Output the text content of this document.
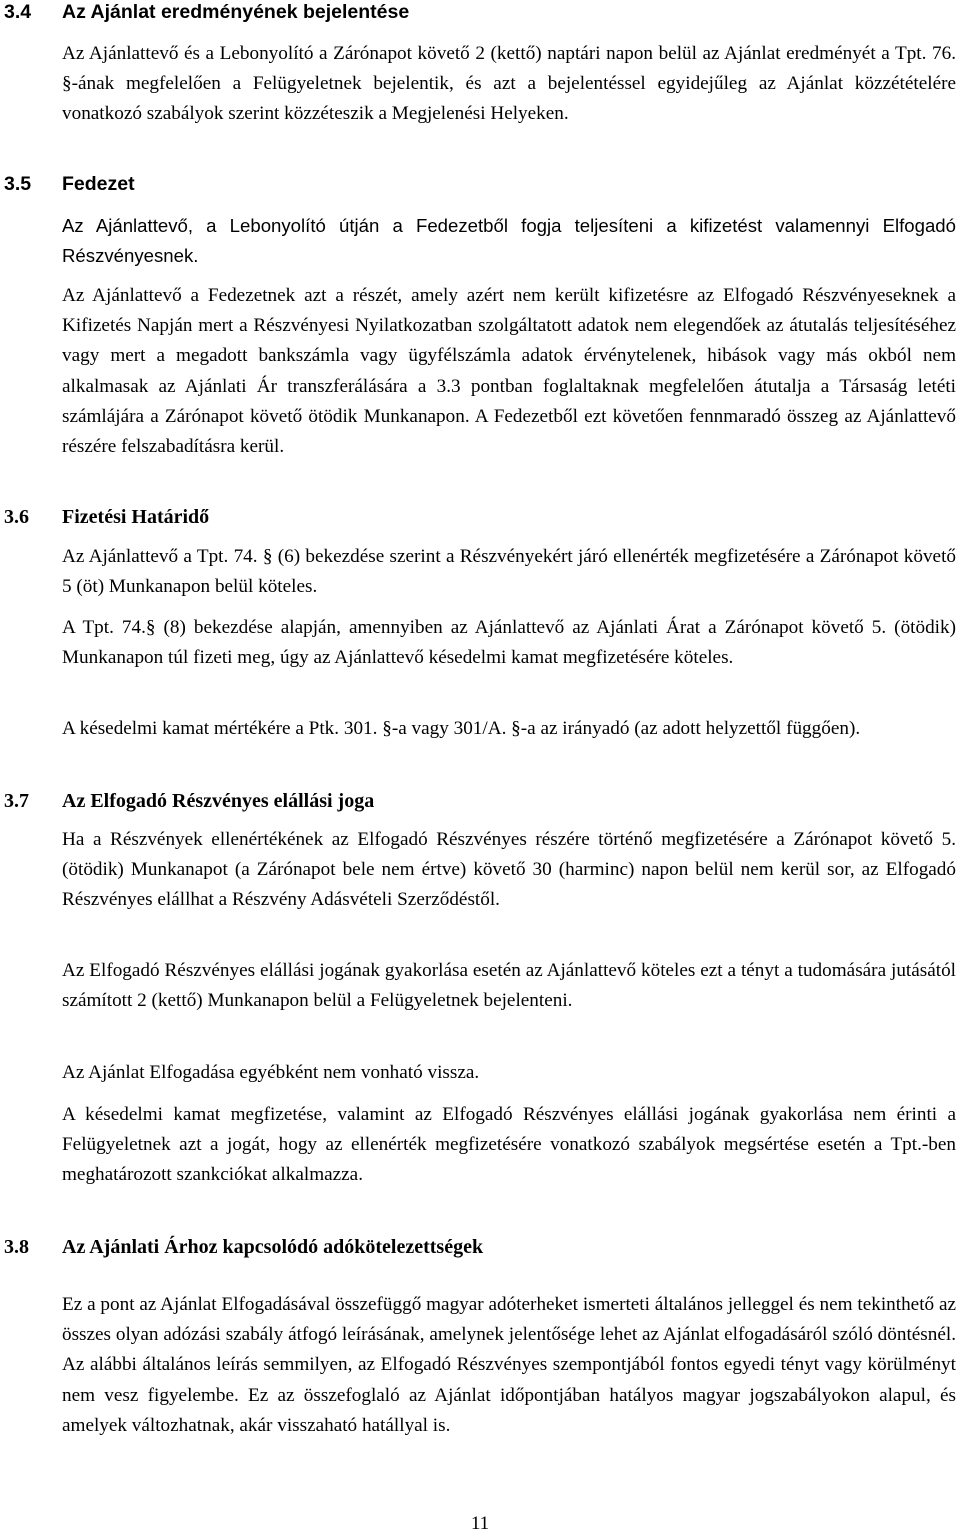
3.4 Az Ajánlat eredményének bejelentése

Az Ajánlattevő és a Lebonyolító a Zárónapot követő 2 (kettő) naptári napon belül az Ajánlat eredményét a Tpt. 76. §-ának megfelelően a Felügyeletnek bejelentik, és azt a bejelentéssel egyidejűleg az Ajánlat közzétételére vonatkozó szabályok szerint közzéteszik a Megjelenési Helyeken.

3.5 Fedezet

Az Ajánlattevő, a Lebonyolító útján a Fedezetből fogja teljesíteni a kifizetést valamennyi Elfogadó Részvényesnek.

Az Ajánlattevő a Fedezetnek azt a részét, amely azért nem került kifizetésre az Elfogadó Részvényeseknek a Kifizetés Napján mert a Részvényesi Nyilatkozatban szolgáltatott adatok nem elegendőek az átutalás teljesítéséhez vagy mert a megadott bankszámla vagy ügyfélszámla adatok érvénytelenek, hibások vagy más okból nem alkalmasak az Ajánlati Ár transzferálására a 3.3 pontban foglaltaknak megfelelően átutalja a Társaság letéti számlájára a Zárónapot követő ötödik Munkanapon. A Fedezetből ezt követően fennmaradó összeg az Ajánlattevő részére felszabadításra kerül.

3.6 Fizetési Határidő

Az Ajánlattevő a Tpt. 74. § (6) bekezdése szerint a Részvényekért járó ellenérték megfizetésére a Zárónapot követő 5 (öt) Munkanapon belül köteles.

A Tpt. 74.§ (8) bekezdése alapján, amennyiben az Ajánlattevő az Ajánlati Árat a Zárónapot követő 5. (ötödik) Munkanapon túl fizeti meg, úgy az Ajánlattevő késedelmi kamat megfizetésére köteles.

A késedelmi kamat mértékére a Ptk. 301. §-a vagy 301/A. §-a az irányadó (az adott helyzettől függően).

3.7 Az Elfogadó Részvényes elállási joga

Ha a Részvények ellenértékének az Elfogadó Részvényes részére történő megfizetésére a Zárónapot követő 5. (ötödik) Munkanapot (a Zárónapot bele nem értve) követő 30 (harminc) napon belül nem kerül sor, az Elfogadó Részvényes elállhat a Részvény Adásvételi Szerződéstől.

Az Elfogadó Részvényes elállási jogának gyakorlása esetén az Ajánlattevő köteles ezt a tényt a tudomására jutásától számított 2 (kettő) Munkanapon belül a Felügyeletnek bejelenteni.

Az Ajánlat Elfogadása egyébként nem vonható vissza.

A késedelmi kamat megfizetése, valamint az Elfogadó Részvényes elállási jogának gyakorlása nem érinti a Felügyeletnek azt a jogát, hogy az ellenérték megfizetésére vonatkozó szabályok megsértése esetén a Tpt.-ben meghatározott szankciókat alkalmazza.

3.8 Az Ajánlati Árhoz kapcsolódó adókötelezettségek

Ez a pont az Ajánlat Elfogadásával összefüggő magyar adóterheket ismerteti általános jelleggel és nem tekinthető az összes olyan adózási szabály átfogó leírásának, amelynek jelentősége lehet az Ajánlat elfogadásáról szóló döntésnél. Az alábbi általános leírás semmilyen, az Elfogadó Részvényes szempontjából fontos egyedi tényt vagy körülményt nem vesz figyelembe. Ez az összefoglaló az Ajánlat időpontjában hatályos magyar jogszabályokon alapul, és amelyek változhatnak, akár visszaható hatállyal is.

11
